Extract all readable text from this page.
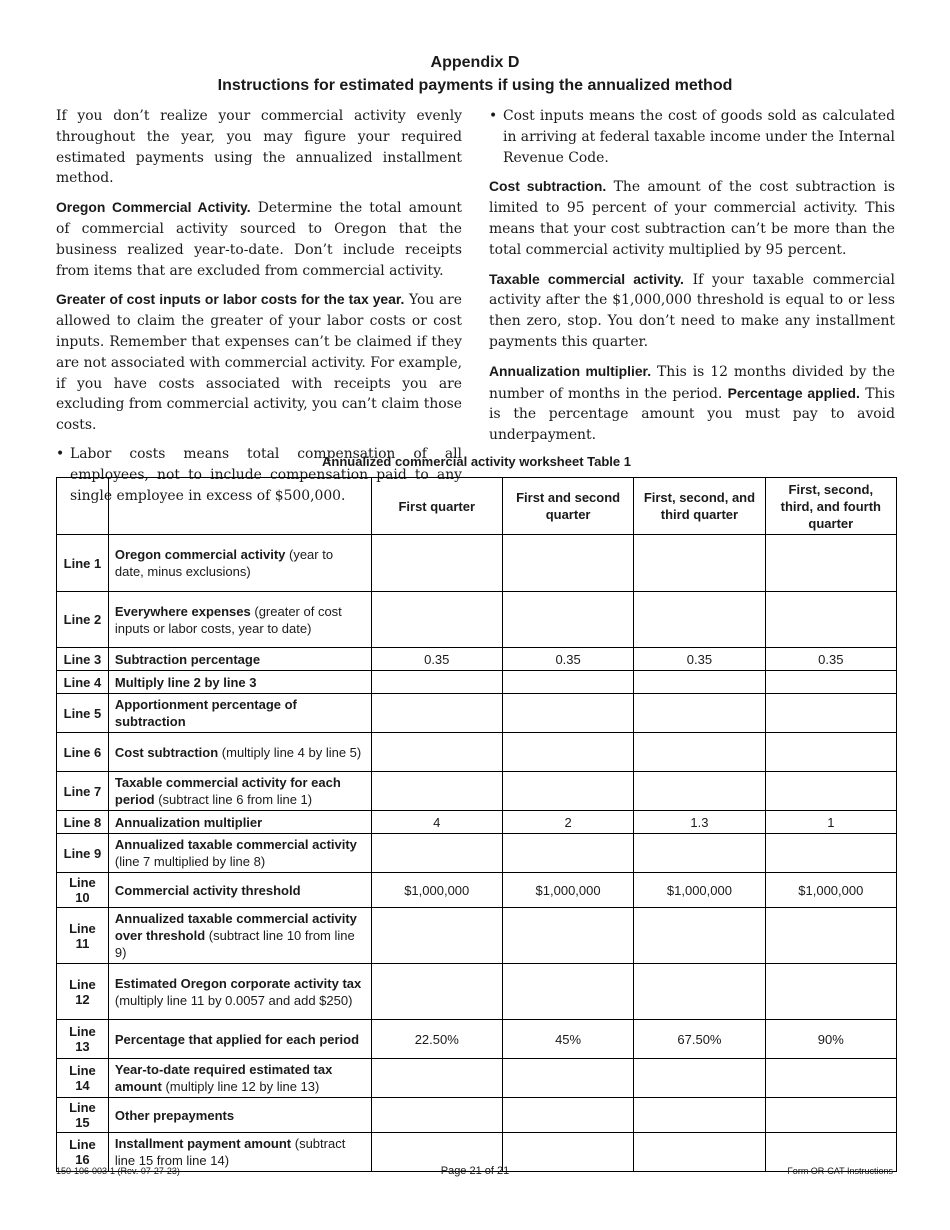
Appendix D
Instructions for estimated payments if using the annualized method

If you don’t realize your commercial activity evenly throughout the year, you may figure your required estimated payments using the annualized installment method.

Oregon Commercial Activity. Determine the total amount of commercial activity sourced to Oregon that the business realized year-to-date. Don’t include receipts from items that are excluded from commercial activity.

Greater of cost inputs or labor costs for the tax year. You are allowed to claim the greater of your labor costs or cost inputs. Remember that expenses can’t be claimed if they are not associated with commercial activity. For example, if you have costs associated with receipts you are excluding from commercial activity, you can’t claim those costs.

• Labor costs means total compensation of all employees, not to include compensation paid to any single employee in excess of $500,000.
• Cost inputs means the cost of goods sold as calculated in arriving at federal taxable income under the Internal Revenue Code.

Cost subtraction. The amount of the cost subtraction is limited to 95 percent of your commercial activity. This means that your cost subtraction can’t be more than the total commercial activity multiplied by 95 percent.

Taxable commercial activity. If your taxable commercial activity after the $1,000,000 threshold is equal to or less then zero, stop. You don’t need to make any installment payments this quarter.

Annualization multiplier. This is 12 months divided by the number of months in the period. Percentage applied. This is the percentage amount you must pay to avoid underpayment.

Annualized commercial activity worksheet Table 1
		First quarter	First and second quarter	First, second, and third quarter	First, second, third, and fourth quarter
Line 1	Oregon commercial activity (year to date, minus exclusions)				
Line 2	Everywhere expenses (greater of cost inputs or labor costs, year to date)				
Line 3	Subtraction percentage	0.35	0.35	0.35	0.35
Line 4	Multiply line 2 by line 3				
Line 5	Apportionment percentage of subtraction				
Line 6	Cost subtraction (multiply line 4 by line 5)				
Line 7	Taxable commercial activity for each period (subtract line 6 from line 1)				
Line 8	Annualization multiplier	4	2	1.3	1
Line 9	Annualized taxable commercial activity (line 7 multiplied by line 8)				
Line 10	Commercial activity threshold	$1,000,000	$1,000,000	$1,000,000	$1,000,000
Line 11	Annualized taxable commercial activity over threshold (subtract line 10 from line 9)				
Line 12	Estimated Oregon corporate activity tax (multiply line 11 by 0.0057 and add $250)				
Line 13	Percentage that applied for each period	22.50%	45%	67.50%	90%
Line 14	Year-to-date required estimated tax amount (multiply line 12 by line 13)				
Line 15	Other prepayments				
Line 16	Installment payment amount (subtract line 15 from line 14)				
150-106-003-1 (Rev. 07-27-23)	Page 21 of 21	Form OR-CAT Instructions
